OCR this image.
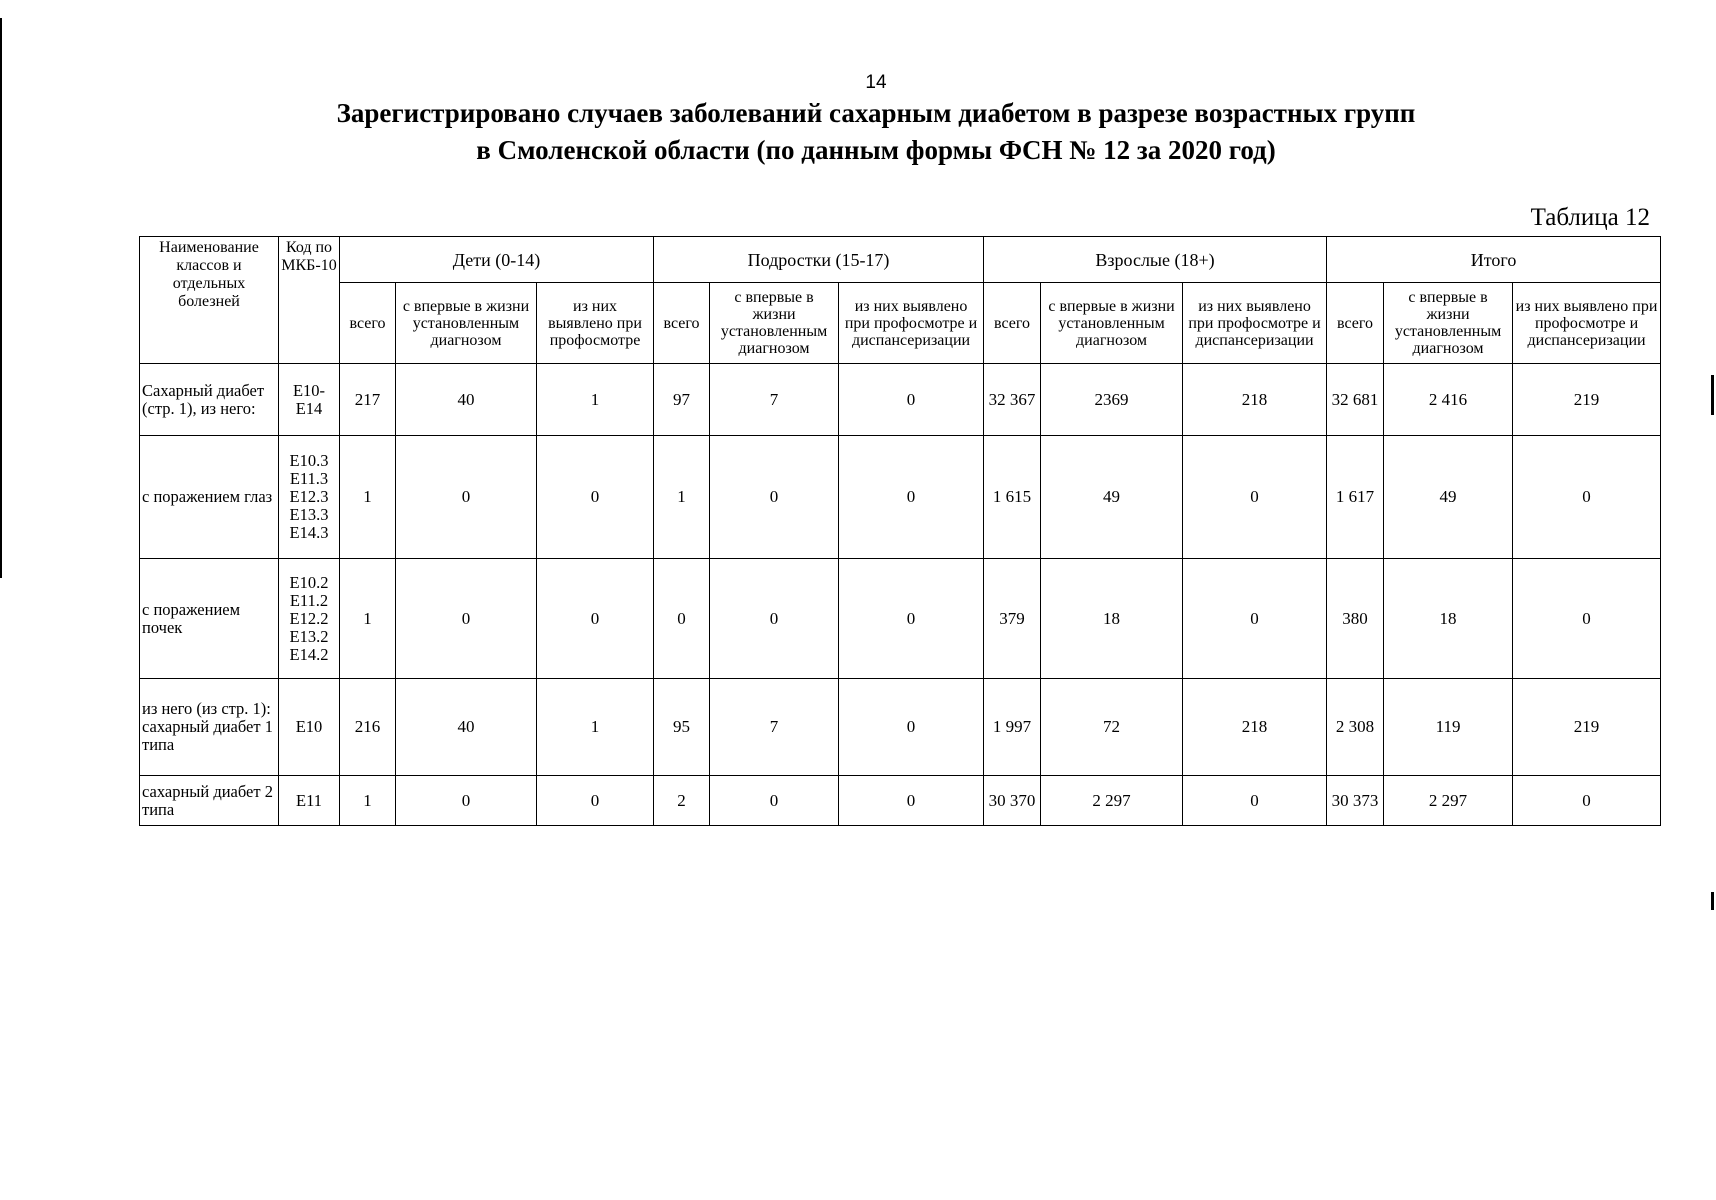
14
Зарегистрировано случаев заболеваний сахарным диабетом в разрезе возрастных групп
в Смоленской области (по данным формы ФСН № 12 за 2020 год)
Таблица 12
Наименование классов и отдельных болезней	Код по МКБ-10	Дети (0-14)			Подростки (15-17)			Взрослые (18+)			Итого		
		всего	с впервые в жизни установленным диагнозом	из них выявлено при профосмотре	всего	с впервые в жизни установленным диагнозом	из них выявлено при профосмотре и диспансеризации	всего	с впервые в жизни установленным диагнозом	из них выявлено при профосмотре и диспансеризации	всего	с впервые в жизни установленным диагнозом	из них выявлено при профосмотре и диспансеризации
Сахарный диабет (стр. 1), из него:	E10- E14	217	40	1	97	7	0	32 367	2369	218	32 681	2 416	219
с поражением глаз	E10.3 E11.3 E12.3 E13.3 E14.3	1	0	0	1	0	0	1 615	49	0	1 617	49	0
с поражением почек	E10.2 E11.2 E12.2 E13.2 E14.2	1	0	0	0	0	0	379	18	0	380	18	0
из него (из стр. 1): сахарный диабет 1 типа	E10	216	40	1	95	7	0	1 997	72	218	2 308	119	219
сахарный диабет 2 типа	E11	1	0	0	2	0	0	30 370	2 297	0	30 373	2 297	0
